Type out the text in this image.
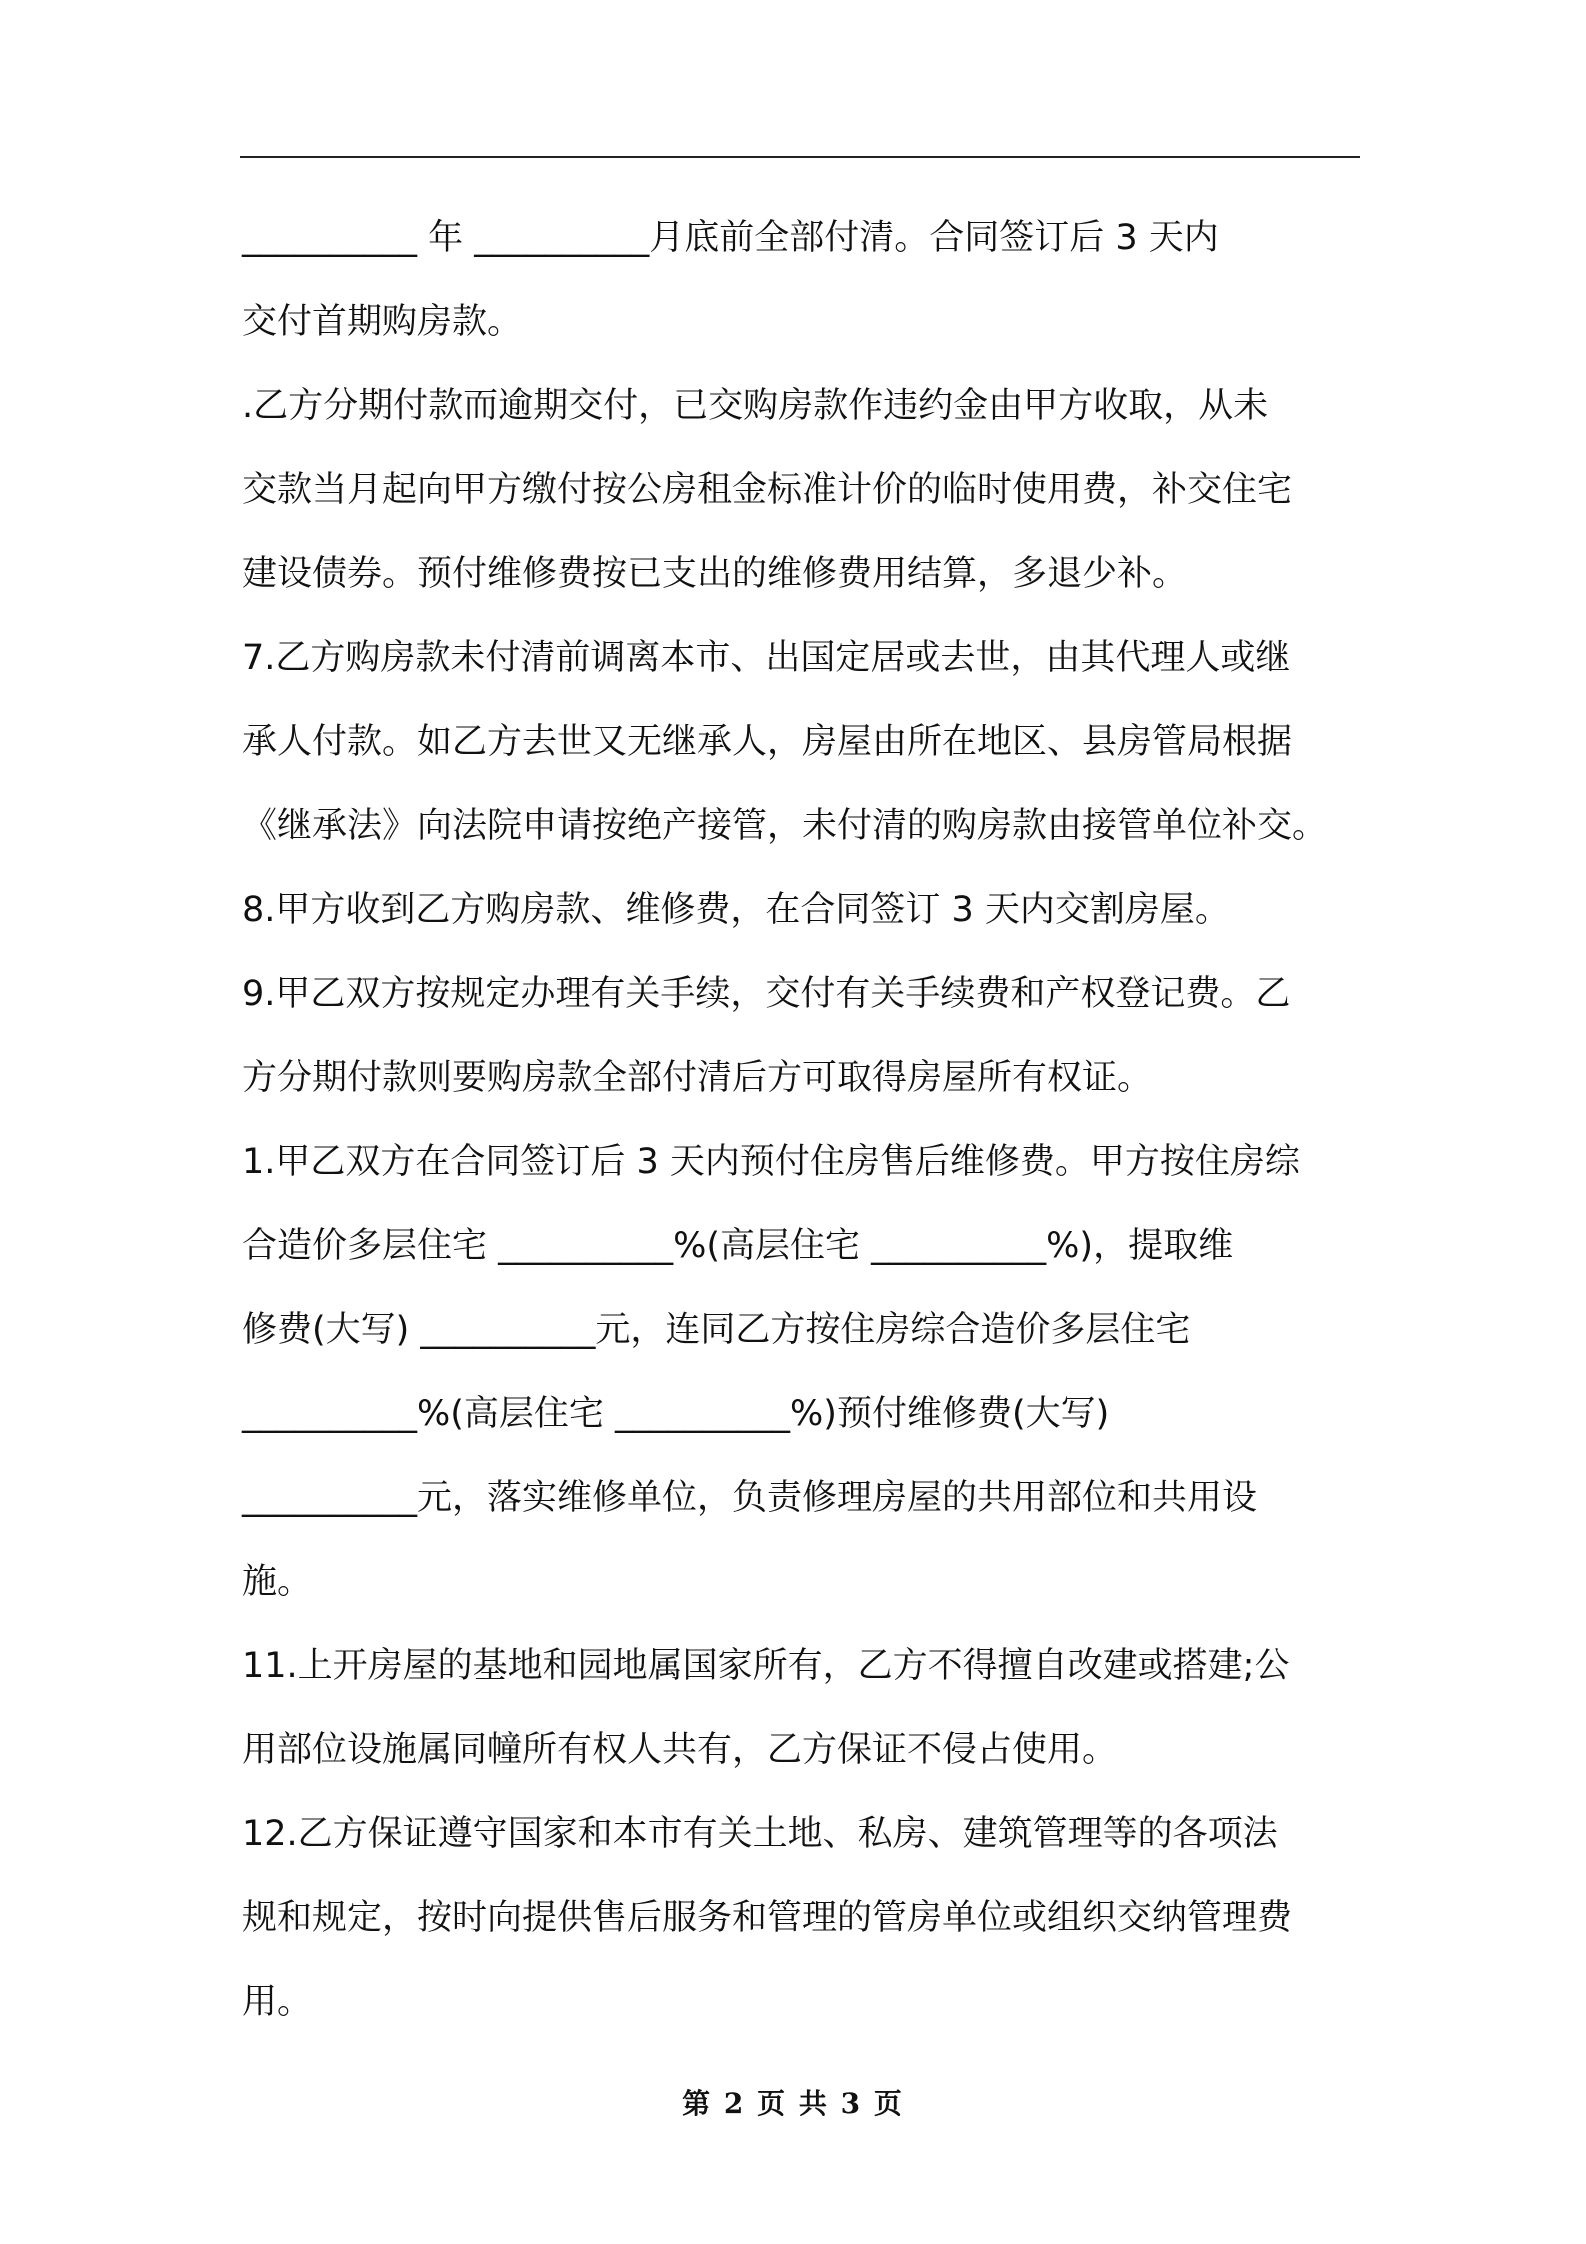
__________ 年 __________月底前全部付清。合同签订后 3 天内
交付首期购房款。
.乙方分期付款而逾期交付，已交购房款作违约金由甲方收取，从未
交款当月起向甲方缴付按公房租金标准计价的临时使用费，补交住宅
建设债券。预付维修费按已支出的维修费用结算，多退少补。
7.乙方购房款未付清前调离本市、出国定居或去世，由其代理人或继
承人付款。如乙方去世又无继承人，房屋由所在地区、县房管局根据
《继承法》向法院申请按绝产接管，未付清的购房款由接管单位补交。
8.甲方收到乙方购房款、维修费，在合同签订 3 天内交割房屋。
9.甲乙双方按规定办理有关手续，交付有关手续费和产权登记费。乙
方分期付款则要购房款全部付清后方可取得房屋所有权证。
1.甲乙双方在合同签订后 3 天内预付住房售后维修费。甲方按住房综
合造价多层住宅 __________%(高层住宅 __________%)，提取维
修费(大写) __________元，连同乙方按住房综合造价多层住宅
__________%(高层住宅 __________%)预付维修费(大写)
__________元，落实维修单位，负责修理房屋的共用部位和共用设
施。
11.上开房屋的基地和园地属国家所有，乙方不得擅自改建或搭建;公
用部位设施属同幢所有权人共有，乙方保证不侵占使用。
12.乙方保证遵守国家和本市有关土地、私房、建筑管理等的各项法
规和规定，按时向提供售后服务和管理的管房单位或组织交纳管理费
用。
第 2 页 共 3 页
